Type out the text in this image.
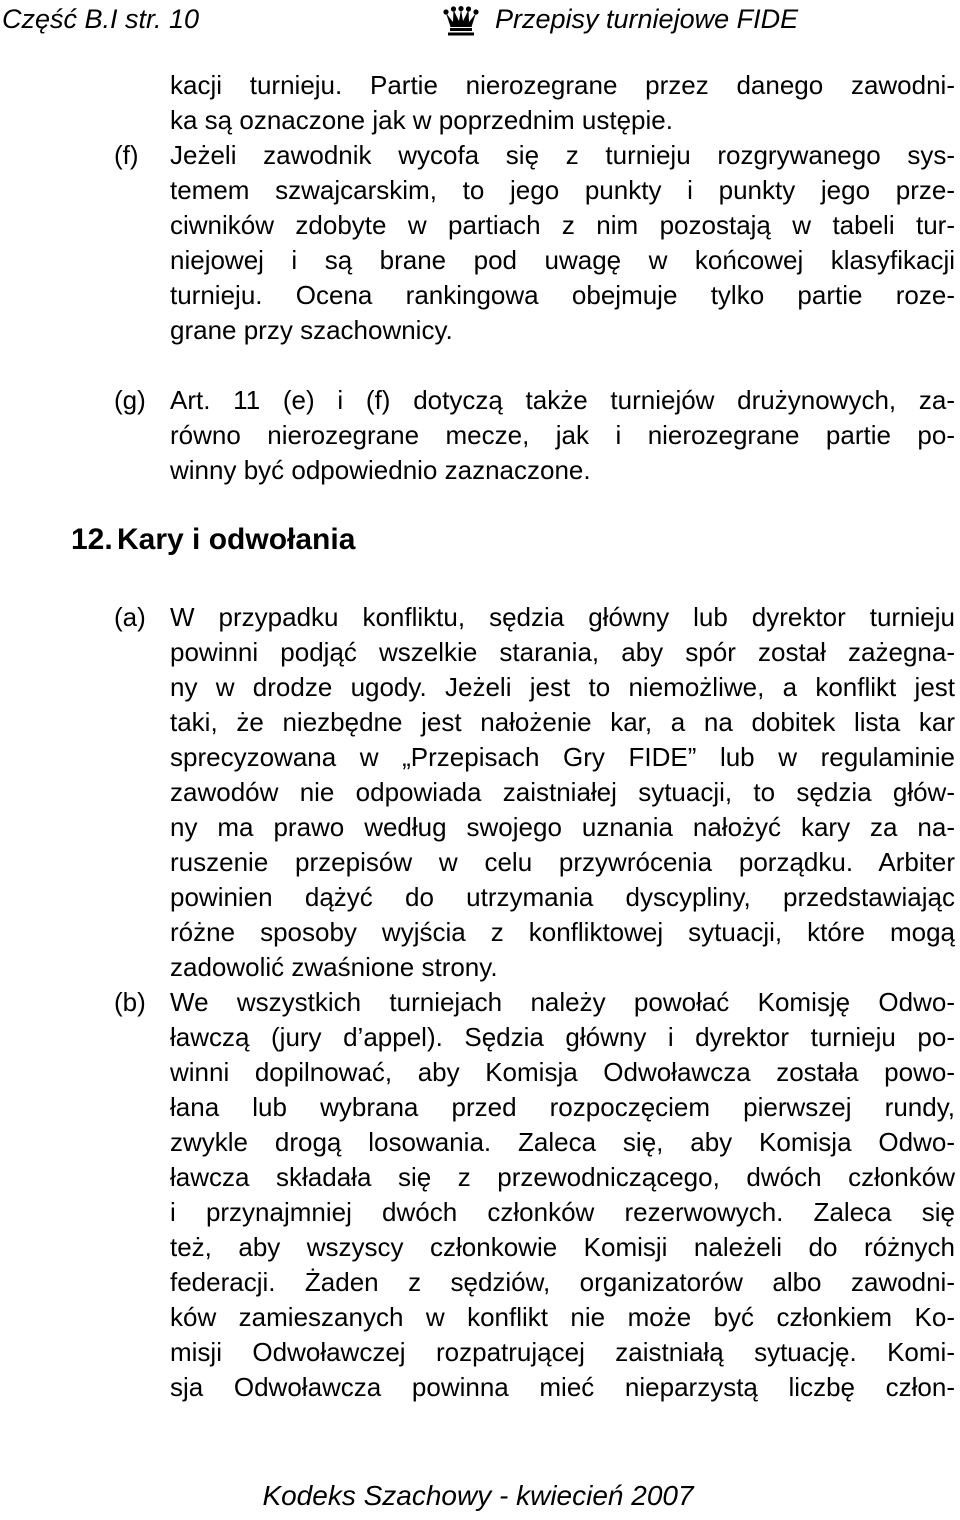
Część B.I str. 10	Przepisy turniejowe FIDE
kacji turnieju. Partie nierozegrane przez danego zawodni-
ka są oznaczone jak w poprzednim ustępie.
(f) Jeżeli zawodnik wycofa się z turnieju rozgrywanego sys-
temem szwajcarskim, to jego punkty i punkty jego prze-
ciwników zdobyte w partiach z nim pozostają w tabeli tur-
niejowej i są brane pod uwagę w końcowej klasyfikacji
turnieju. Ocena rankingowa obejmuje tylko partie roze-
grane przy szachownicy.
(g) Art. 11 (e) i (f) dotyczą także turniejów drużynowych, za-
równo nierozegrane mecze, jak i nierozegrane partie po-
winny być odpowiednio zaznaczone.
12. Kary i odwołania
(a) W przypadku konfliktu, sędzia główny lub dyrektor turnieju
powinni podjąć wszelkie starania, aby spór został zażegna-
ny w drodze ugody. Jeżeli jest to niemożliwe, a konflikt jest
taki, że niezbędne jest nałożenie kar, a na dobitek lista kar
sprecyzowana w „Przepisach Gry FIDE” lub w regulaminie
zawodów nie odpowiada zaistniałej sytuacji, to sędzia głów-
ny ma prawo według swojego uznania nałożyć kary za na-
ruszenie przepisów w celu przywrócenia porządku. Arbiter
powinien dążyć do utrzymania dyscypliny, przedstawiając
różne sposoby wyjścia z konfliktowej sytuacji, które mogą
zadowolić zwaśnione strony.
(b) We wszystkich turniejach należy powołać Komisję Odwo-
ławczą (jury d’appel). Sędzia główny i dyrektor turnieju po-
winni dopilnować, aby Komisja Odwoławcza została powo-
łana lub wybrana przed rozpoczęciem pierwszej rundy,
zwykle drogą losowania. Zaleca się, aby Komisja Odwo-
ławcza składała się z przewodniczącego, dwóch członków
i przynajmniej dwóch członków rezerwowych. Zaleca się
też, aby wszyscy członkowie Komisji należeli do różnych
federacji. Żaden z sędziów, organizatorów albo zawodni-
ków zamieszanych w konflikt nie może być członkiem Ko-
misji Odwoławczej rozpatrującej zaistniałą sytuację. Komi-
sja Odwoławcza powinna mieć nieparzystą liczbę człon-
Kodeks Szachowy - kwiecień 2007
